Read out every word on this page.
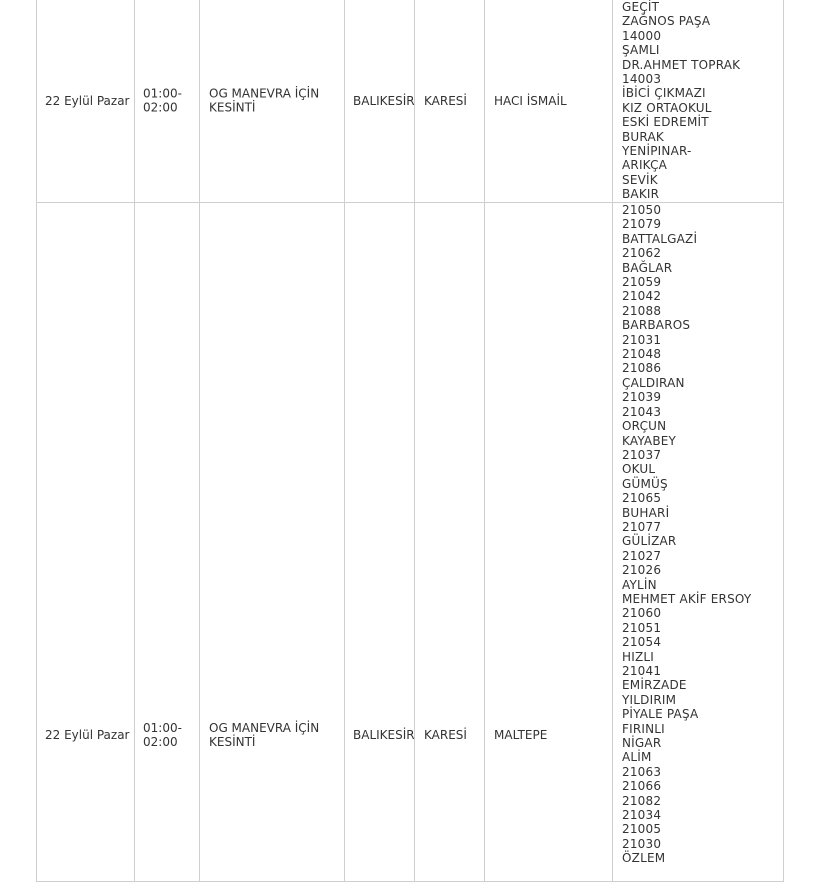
22 Eylül Pazar
01:00-
02:00
OG MANEVRA İÇİN KESİNTİ
BALIKESİR KARESİ HACI İSMAİL
GEÇİT
ZAĞNOS PAŞA
14000
ŞAMLI
DR.AHMET TOPRAK
14003
İBİCİ ÇIKMAZI
KIZ ORTAOKUL
ESKİ EDREMİT
BURAK
YENİPINAR-
ARIKÇA
SEVİK
BAKIR
22 Eylül Pazar 01:00-
02:00
OG MANEVRA İÇİN KESİNTİ
BALIKESİR KARESİ MALTEPE
21050
21079
BATTALGAZİ
21062
BAĞLAR
21059
21042
21088
BARBAROS
21031
21048
21086
ÇALDIRAN
21039
21043
ORÇUN
KAYABEY
21037
OKUL
GÜMÜŞ
21065
BUHARİ
21077
GÜLİZAR
21027
21026
AYLİN
MEHMET AKİF ERSOY
21060
21051
21054
HIZLI
21041
EMİRZADE
YILDIRIM
PİYALE PAŞA
FIRINLI
NİGAR
ALİM
21063
21066
21082
21034
21005
21030
ÖZLEM
